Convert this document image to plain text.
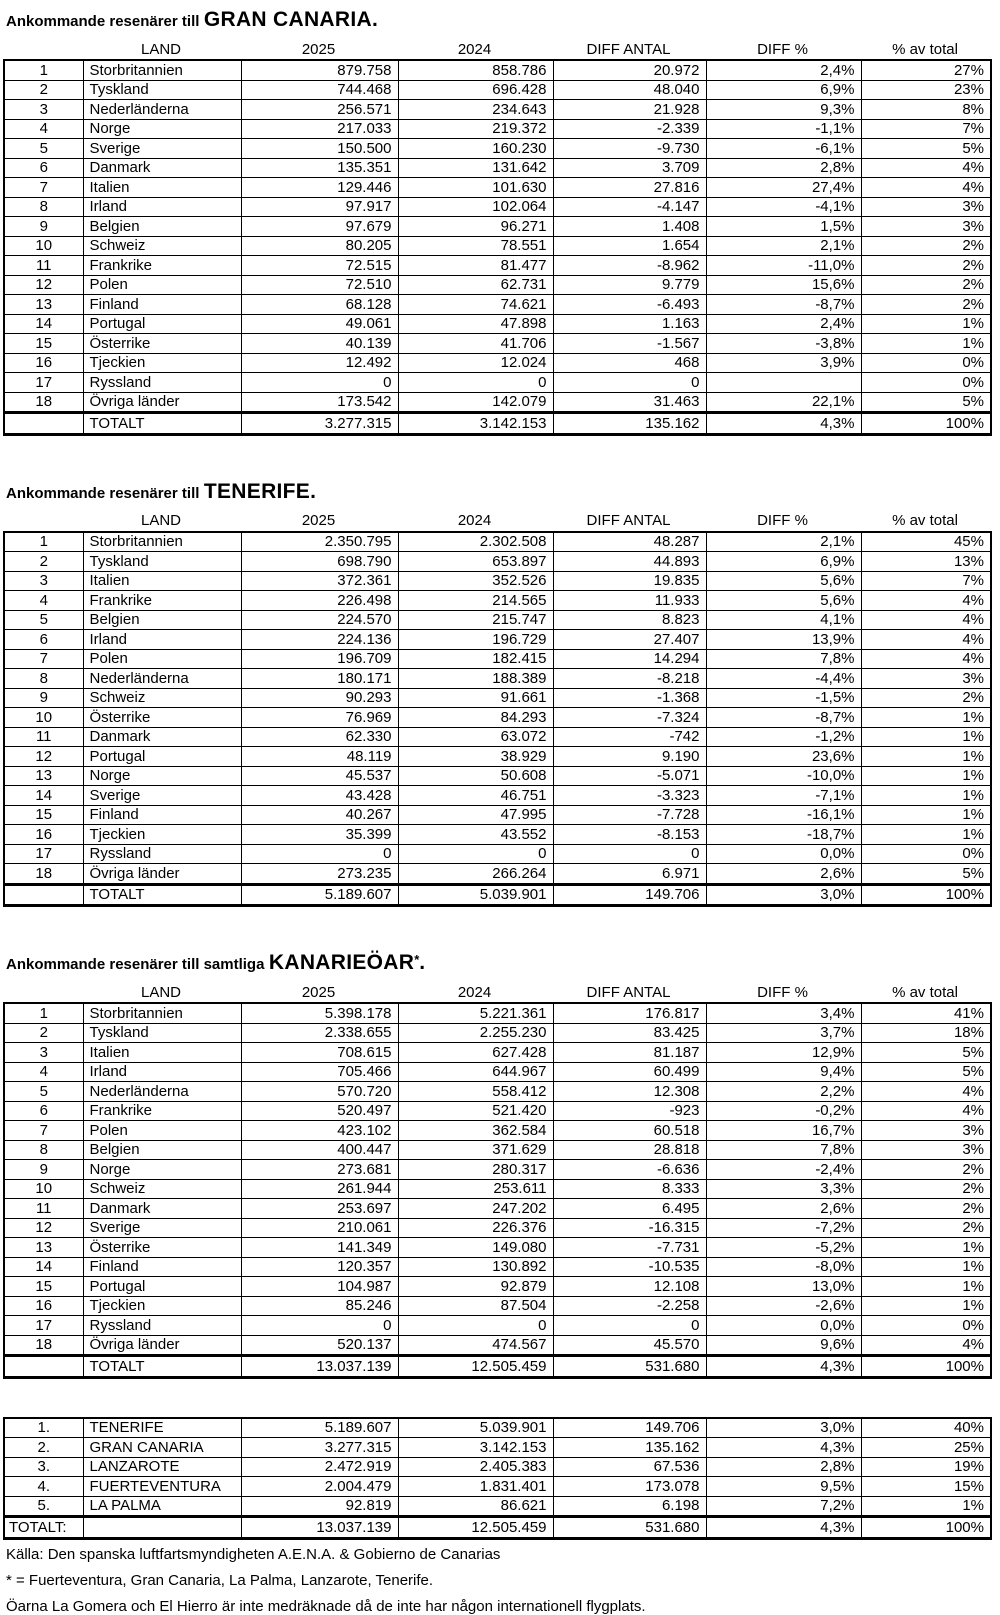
Ankommande resenärer till GRAN CANARIA.
LAND	2025	2024	DIFF ANTAL	DIFF %	% av total
1	Storbritannien	879.758	858.786	20.972	2,4%	27%
2	Tyskland	744.468	696.428	48.040	6,9%	23%
3	Nederländerna	256.571	234.643	21.928	9,3%	8%
4	Norge	217.033	219.372	-2.339	-1,1%	7%
5	Sverige	150.500	160.230	-9.730	-6,1%	5%
6	Danmark	135.351	131.642	3.709	2,8%	4%
7	Italien	129.446	101.630	27.816	27,4%	4%
8	Irland	97.917	102.064	-4.147	-4,1%	3%
9	Belgien	97.679	96.271	1.408	1,5%	3%
10	Schweiz	80.205	78.551	1.654	2,1%	2%
11	Frankrike	72.515	81.477	-8.962	-11,0%	2%
12	Polen	72.510	62.731	9.779	15,6%	2%
13	Finland	68.128	74.621	-6.493	-8,7%	2%
14	Portugal	49.061	47.898	1.163	2,4%	1%
15	Österrike	40.139	41.706	-1.567	-3,8%	1%
16	Tjeckien	12.492	12.024	468	3,9%	0%
17	Ryssland	0	0	0		0%
18	Övriga länder	173.542	142.079	31.463	22,1%	5%
	TOTALT	3.277.315	3.142.153	135.162	4,3%	100%
Ankommande resenärer till TENERIFE.
LAND	2025	2024	DIFF ANTAL	DIFF %	% av total
1	Storbritannien	2.350.795	2.302.508	48.287	2,1%	45%
2	Tyskland	698.790	653.897	44.893	6,9%	13%
3	Italien	372.361	352.526	19.835	5,6%	7%
4	Frankrike	226.498	214.565	11.933	5,6%	4%
5	Belgien	224.570	215.747	8.823	4,1%	4%
6	Irland	224.136	196.729	27.407	13,9%	4%
7	Polen	196.709	182.415	14.294	7,8%	4%
8	Nederländerna	180.171	188.389	-8.218	-4,4%	3%
9	Schweiz	90.293	91.661	-1.368	-1,5%	2%
10	Österrike	76.969	84.293	-7.324	-8,7%	1%
11	Danmark	62.330	63.072	-742	-1,2%	1%
12	Portugal	48.119	38.929	9.190	23,6%	1%
13	Norge	45.537	50.608	-5.071	-10,0%	1%
14	Sverige	43.428	46.751	-3.323	-7,1%	1%
15	Finland	40.267	47.995	-7.728	-16,1%	1%
16	Tjeckien	35.399	43.552	-8.153	-18,7%	1%
17	Ryssland	0	0	0	0,0%	0%
18	Övriga länder	273.235	266.264	6.971	2,6%	5%
	TOTALT	5.189.607	5.039.901	149.706	3,0%	100%
Ankommande resenärer till samtliga KANARIEÖAR*.
LAND	2025	2024	DIFF ANTAL	DIFF %	% av total
1	Storbritannien	5.398.178	5.221.361	176.817	3,4%	41%
2	Tyskland	2.338.655	2.255.230	83.425	3,7%	18%
3	Italien	708.615	627.428	81.187	12,9%	5%
4	Irland	705.466	644.967	60.499	9,4%	5%
5	Nederländerna	570.720	558.412	12.308	2,2%	4%
6	Frankrike	520.497	521.420	-923	-0,2%	4%
7	Polen	423.102	362.584	60.518	16,7%	3%
8	Belgien	400.447	371.629	28.818	7,8%	3%
9	Norge	273.681	280.317	-6.636	-2,4%	2%
10	Schweiz	261.944	253.611	8.333	3,3%	2%
11	Danmark	253.697	247.202	6.495	2,6%	2%
12	Sverige	210.061	226.376	-16.315	-7,2%	2%
13	Österrike	141.349	149.080	-7.731	-5,2%	1%
14	Finland	120.357	130.892	-10.535	-8,0%	1%
15	Portugal	104.987	92.879	12.108	13,0%	1%
16	Tjeckien	85.246	87.504	-2.258	-2,6%	1%
17	Ryssland	0	0	0	0,0%	0%
18	Övriga länder	520.137	474.567	45.570	9,6%	4%
	TOTALT	13.037.139	12.505.459	531.680	4,3%	100%
1.	TENERIFE	5.189.607	5.039.901	149.706	3,0%	40%
2.	GRAN CANARIA	3.277.315	3.142.153	135.162	4,3%	25%
3.	LANZAROTE	2.472.919	2.405.383	67.536	2,8%	19%
4.	FUERTEVENTURA	2.004.479	1.831.401	173.078	9,5%	15%
5.	LA PALMA	92.819	86.621	6.198	7,2%	1%
TOTALT:		13.037.139	12.505.459	531.680	4,3%	100%
Källa: Den spanska luftfartsmyndigheten A.E.N.A. & Gobierno de Canarias
* = Fuerteventura, Gran Canaria, La Palma, Lanzarote, Tenerife.
Öarna La Gomera och El Hierro är inte medräknade då de inte har någon internationell flygplats.
